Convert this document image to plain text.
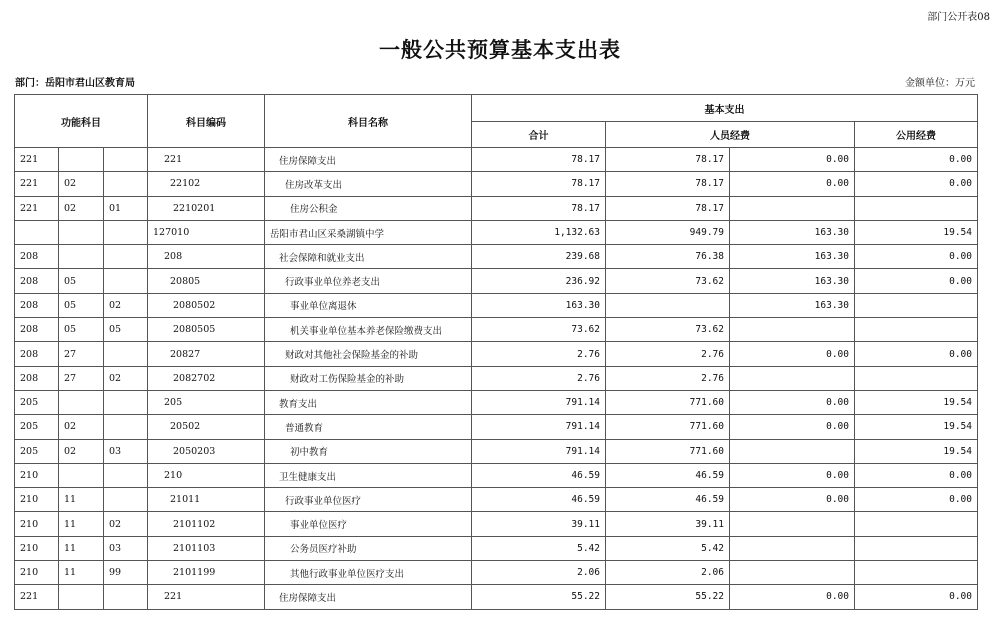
部门公开表08
一般公共预算基本支出表
部门：岳阳市君山区教育局	金额单位：万元
功能科目			科目编码	科目名称	基本支出			
					合计	人员经费		公用经费
221			221	住房保障支出	78.17	78.17	0.00	0.00
221	02		22102	住房改革支出	78.17	78.17	0.00	0.00
221	02	01	2210201	住房公积金	78.17	78.17		
			127010	岳阳市君山区采桑湖镇中学	1,132.63	949.79	163.30	19.54
208			208	社会保障和就业支出	239.68	76.38	163.30	0.00
208	05		20805	行政事业单位养老支出	236.92	73.62	163.30	0.00
208	05	02	2080502	事业单位离退休	163.30		163.30	
208	05	05	2080505	机关事业单位基本养老保险缴费支出	73.62	73.62		
208	27		20827	财政对其他社会保险基金的补助	2.76	2.76	0.00	0.00
208	27	02	2082702	财政对工伤保险基金的补助	2.76	2.76		
205			205	教育支出	791.14	771.60	0.00	19.54
205	02		20502	普通教育	791.14	771.60	0.00	19.54
205	02	03	2050203	初中教育	791.14	771.60		19.54
210			210	卫生健康支出	46.59	46.59	0.00	0.00
210	11		21011	行政事业单位医疗	46.59	46.59	0.00	0.00
210	11	02	2101102	事业单位医疗	39.11	39.11		
210	11	03	2101103	公务员医疗补助	5.42	5.42		
210	11	99	2101199	其他行政事业单位医疗支出	2.06	2.06		
221			221	住房保障支出	55.22	55.22	0.00	0.00
